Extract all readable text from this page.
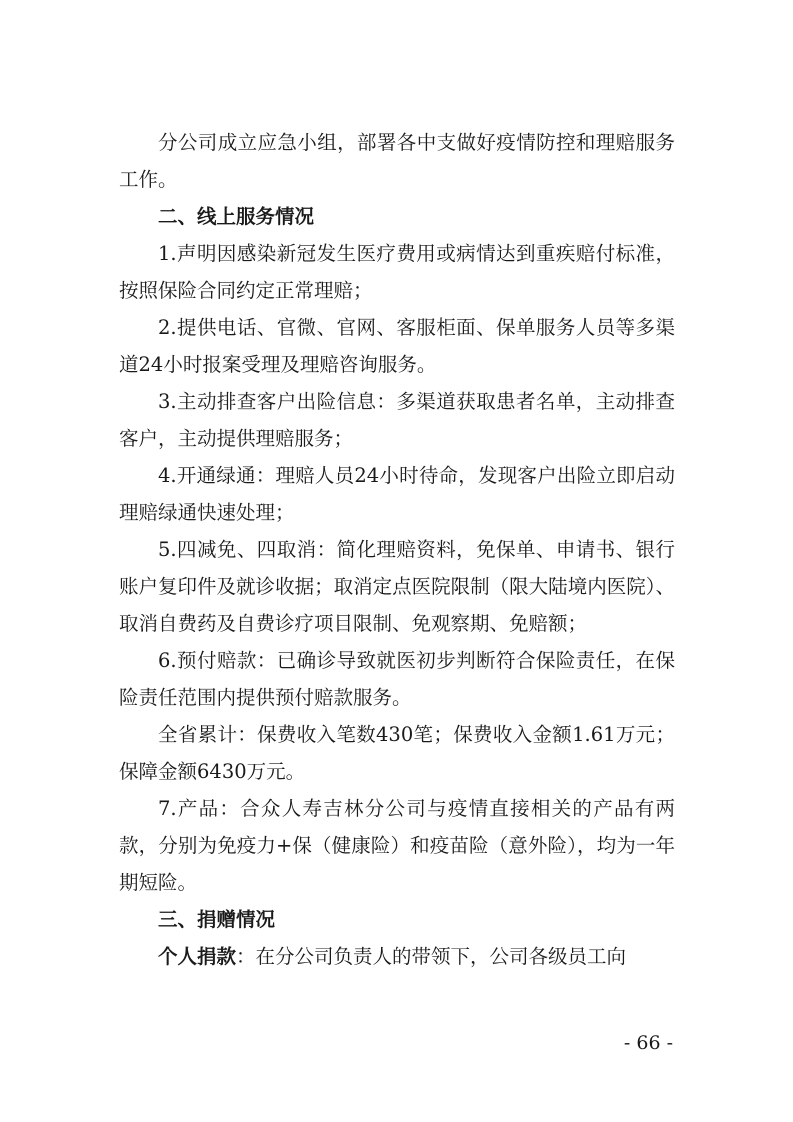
分公司成立应急小组，部署各中支做好疫情防控和理赔服务工作。

二、线上服务情况

1.声明因感染新冠发生医疗费用或病情达到重疾赔付标准，按照保险合同约定正常理赔；

2.提供电话、官微、官网、客服柜面、保单服务人员等多渠道24小时报案受理及理赔咨询服务。

3.主动排查客户出险信息：多渠道获取患者名单，主动排查客户，主动提供理赔服务；

4.开通绿通：理赔人员24小时待命，发现客户出险立即启动理赔绿通快速处理；

5.四减免、四取消：简化理赔资料，免保单、申请书、银行账户复印件及就诊收据；取消定点医院限制（限大陆境内医院）、取消自费药及自费诊疗项目限制、免观察期、免赔额；

6.预付赔款：已确诊导致就医初步判断符合保险责任，在保险责任范围内提供预付赔款服务。

全省累计：保费收入笔数430笔；保费收入金额1.61万元；保障金额6430万元。

7.产品：合众人寿吉林分公司与疫情直接相关的产品有两款，分别为免疫力+保（健康险）和疫苗险（意外险），均为一年期短险。

三、捐赠情况

个人捐款：在分公司负责人的带领下，公司各级员工向

- 66 -
